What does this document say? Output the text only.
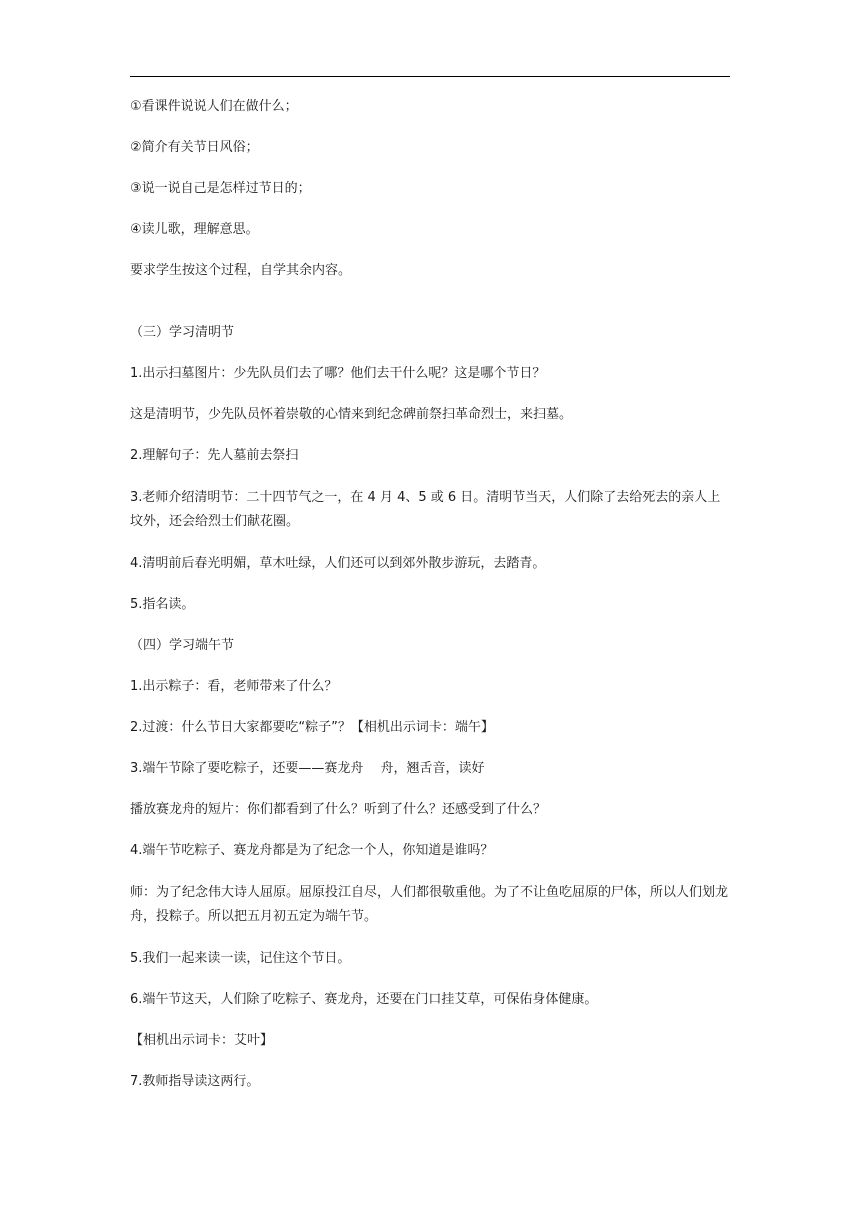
①看课件说说人们在做什么；

②简介有关节日风俗；

③说一说自己是怎样过节日的；

④读儿歌，理解意思。

要求学生按这个过程，自学其余内容。

（三）学习清明节

1.出示扫墓图片：少先队员们去了哪？他们去干什么呢？这是哪个节日？

这是清明节，少先队员怀着崇敬的心情来到纪念碑前祭扫革命烈士，来扫墓。

2.理解句子：先人墓前去祭扫

3.老师介绍清明节：二十四节气之一，在 4 月 4、5 或 6 日。清明节当天，人们除了去给死去的亲人上坟外，还会给烈士们献花圈。

4.清明前后春光明媚，草木吐绿，人们还可以到郊外散步游玩，去踏青。

5.指名读。

（四）学习端午节

1.出示粽子：看，老师带来了什么？

2.过渡：什么节日大家都要吃“粽子”？【相机出示词卡：端午】

3.端午节除了要吃粽子，还要——赛龙舟　 舟，翘舌音，读好

播放赛龙舟的短片：你们都看到了什么？听到了什么？还感受到了什么？

4.端午节吃粽子、赛龙舟都是为了纪念一个人，你知道是谁吗？

师：为了纪念伟大诗人屈原。屈原投江自尽，人们都很敬重他。为了不让鱼吃屈原的尸体，所以人们划龙舟，投粽子。所以把五月初五定为端午节。

5.我们一起来读一读，记住这个节日。

6.端午节这天，人们除了吃粽子、赛龙舟，还要在门口挂艾草，可保佑身体健康。

【相机出示词卡：艾叶】

7.教师指导读这两行。
